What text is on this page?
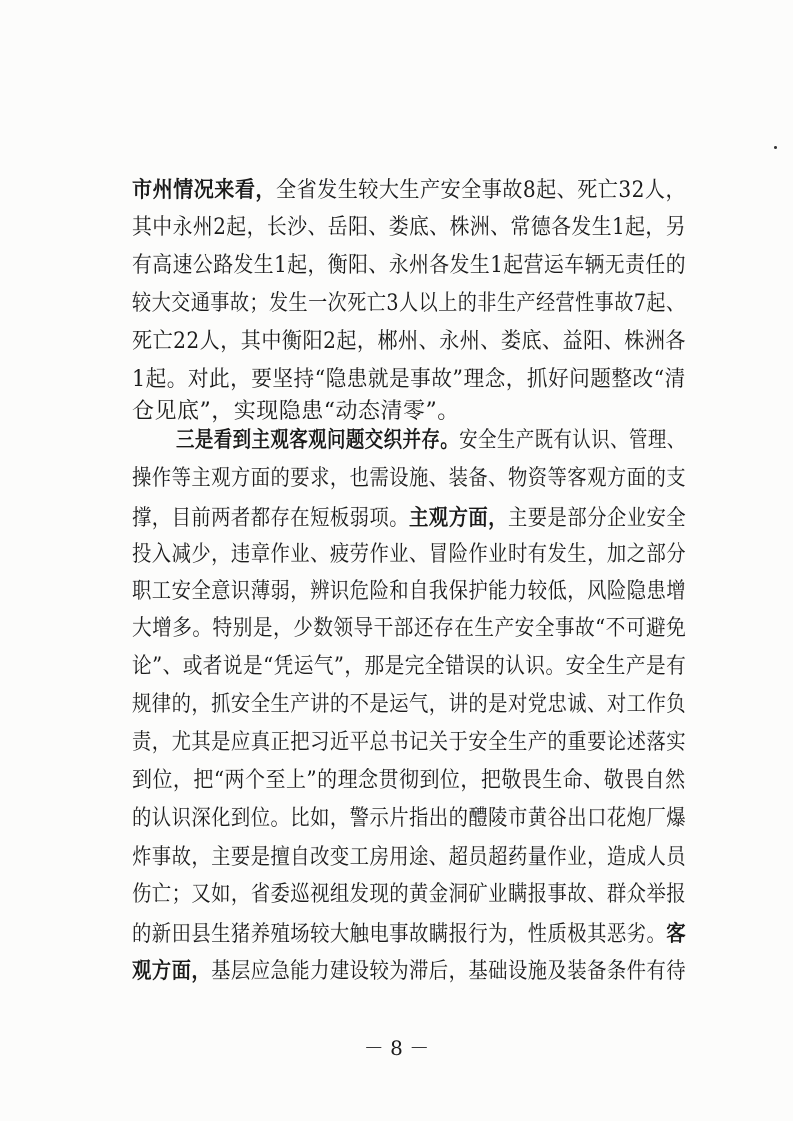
市州情况来看，全省发生较大生产安全事故8起、死亡32人，
其中永州2起，长沙、岳阳、娄底、株洲、常德各发生1起，另
有高速公路发生1起，衡阳、永州各发生1起营运车辆无责任的
较大交通事故；发生一次死亡3人以上的非生产经营性事故7起、
死亡22人，其中衡阳2起，郴州、永州、娄底、益阳、株洲各
1起。对此，要坚持“隐患就是事故”理念，抓好问题整改“清
仓见底”，实现隐患“动态清零”。
三是看到主观客观问题交织并存。安全生产既有认识、管理、
操作等主观方面的要求，也需设施、装备、物资等客观方面的支
撑，目前两者都存在短板弱项。主观方面，主要是部分企业安全
投入减少，违章作业、疲劳作业、冒险作业时有发生，加之部分
职工安全意识薄弱，辨识危险和自我保护能力较低，风险隐患增
大增多。特别是，少数领导干部还存在生产安全事故“不可避免
论”、或者说是“凭运气”，那是完全错误的认识。安全生产是有
规律的，抓安全生产讲的不是运气，讲的是对党忠诚、对工作负
责，尤其是应真正把习近平总书记关于安全生产的重要论述落实
到位，把“两个至上”的理念贯彻到位，把敬畏生命、敬畏自然
的认识深化到位。比如，警示片指出的醴陵市黄谷出口花炮厂爆
炸事故，主要是擅自改变工房用途、超员超药量作业，造成人员
伤亡；又如，省委巡视组发现的黄金洞矿业瞒报事故、群众举报
的新田县生猪养殖场较大触电事故瞒报行为，性质极其恶劣。客
观方面，基层应急能力建设较为滞后，基础设施及装备条件有待
－ 8 －
